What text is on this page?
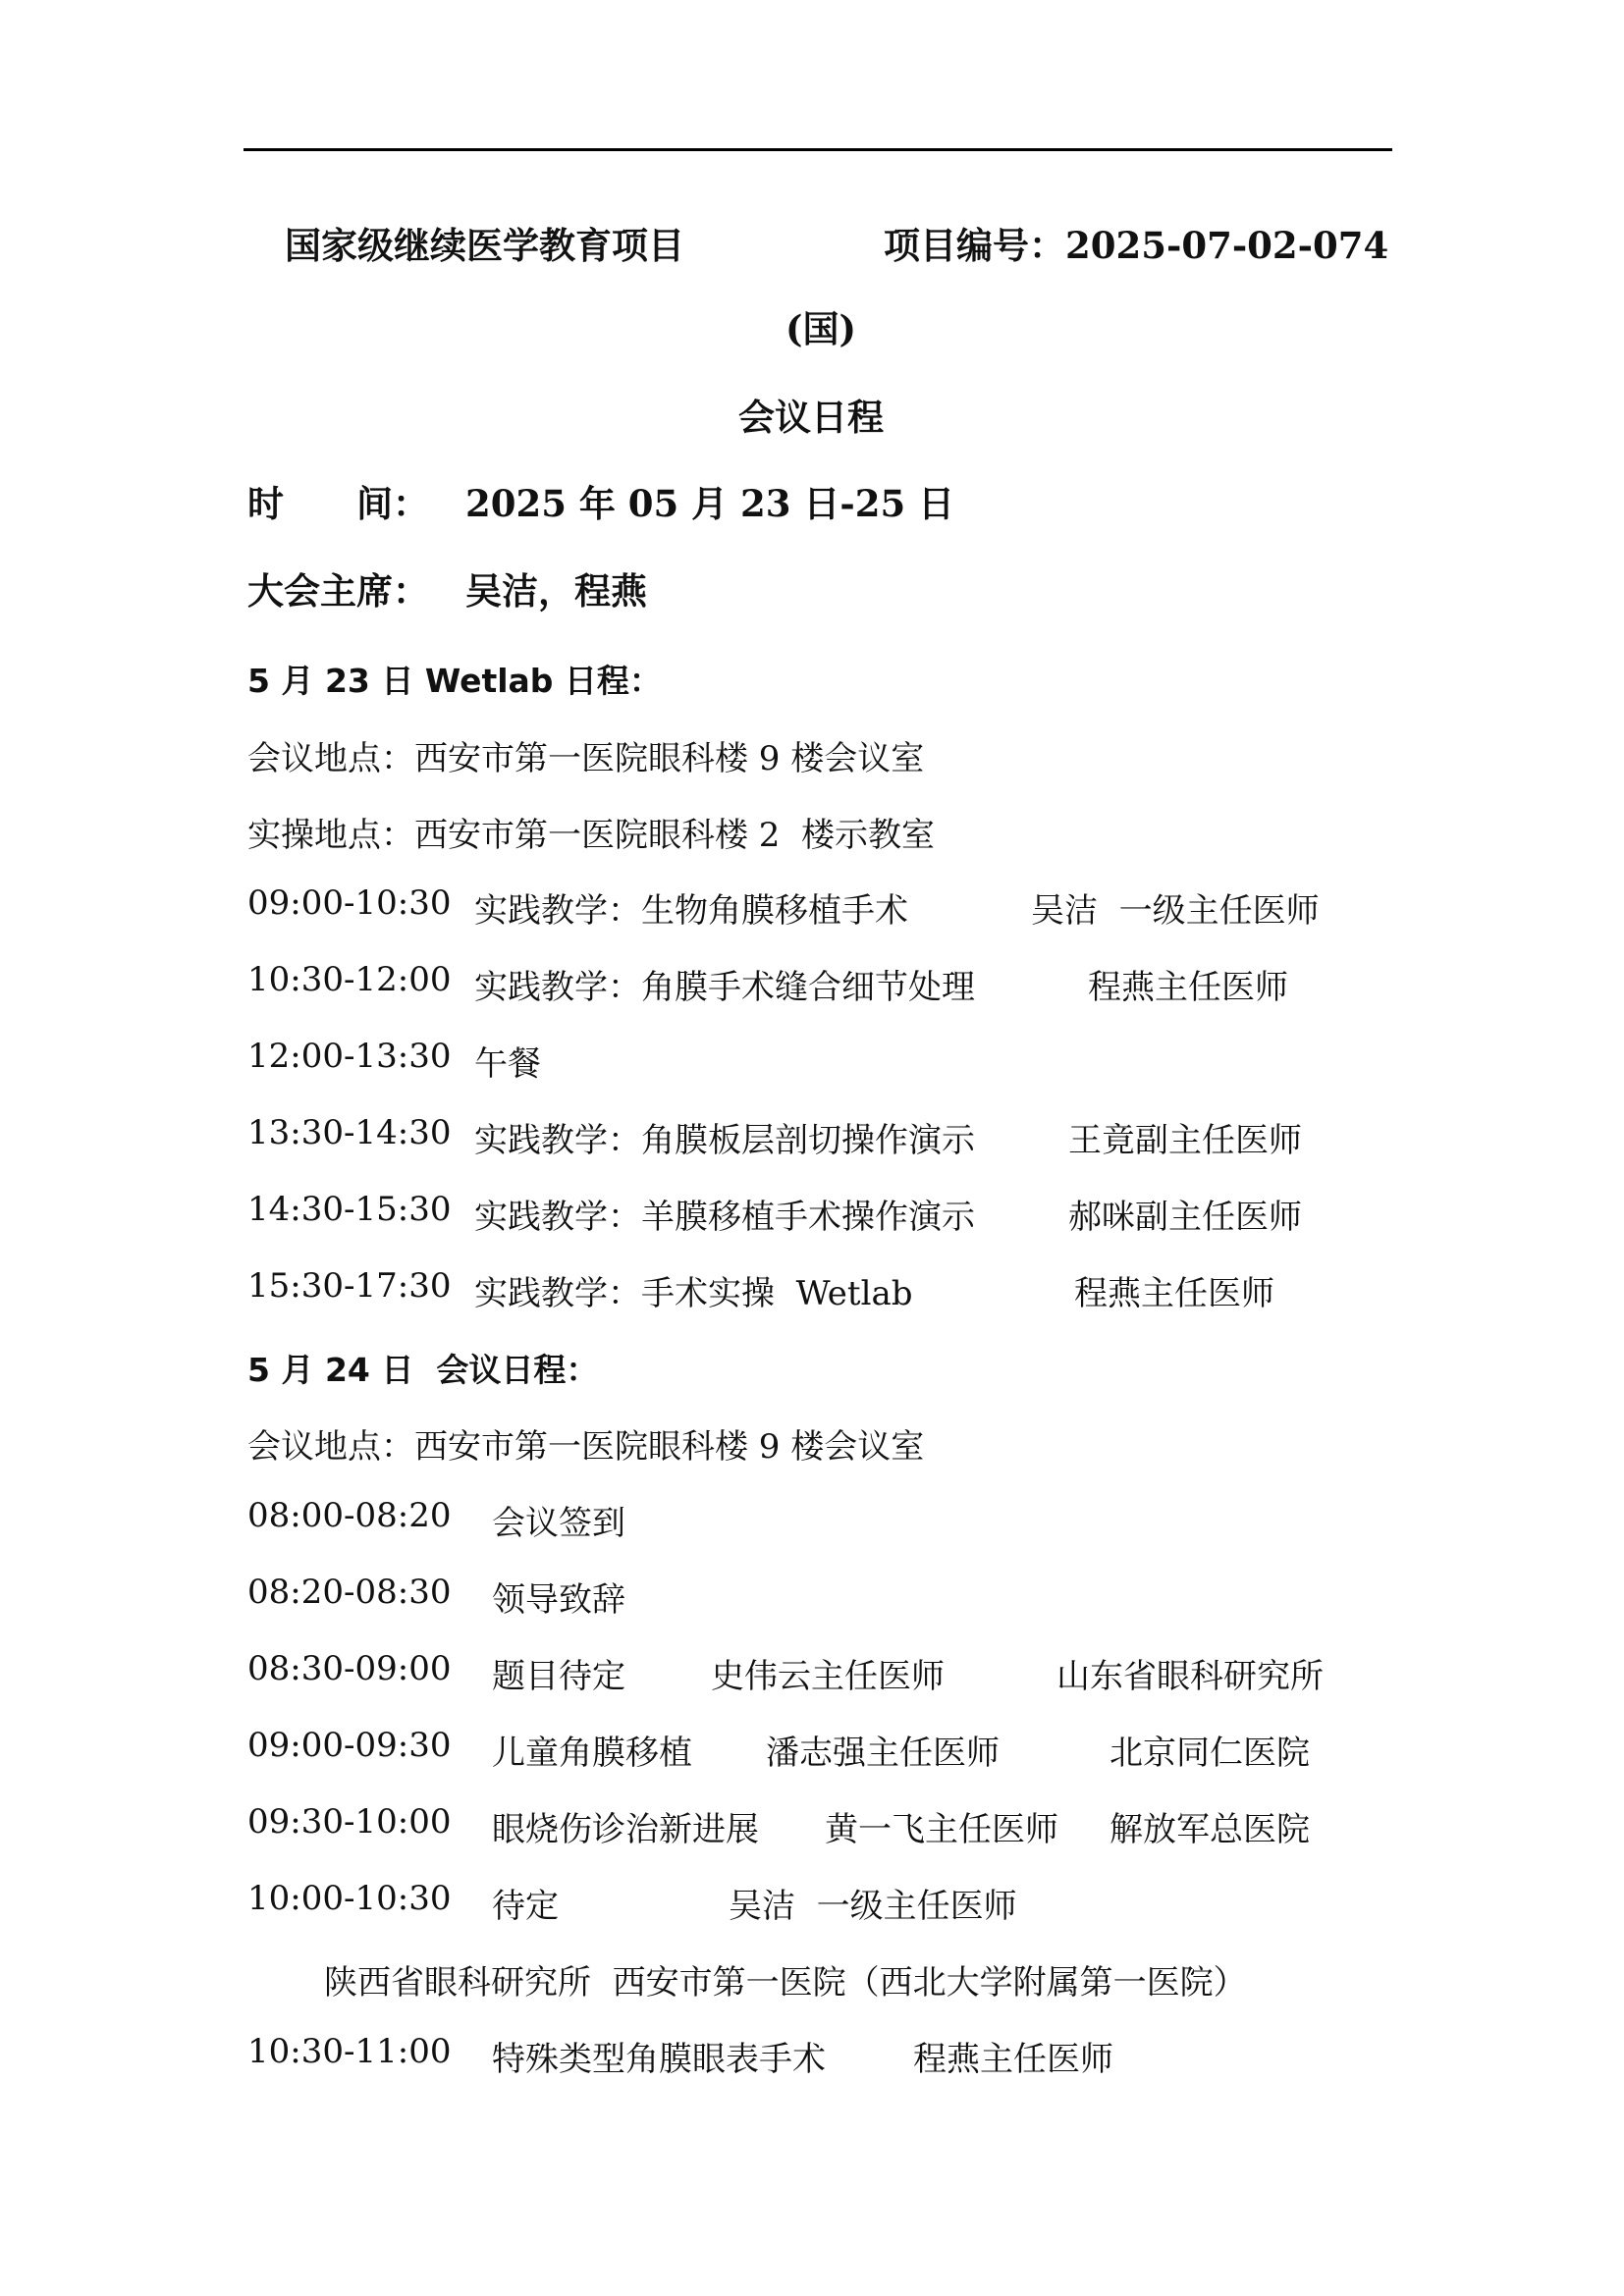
国家级继续医学教育项目	项目编号：2025-07-02-074
(国)
会议日程
时　　间： 2025 年 05 月 23 日-25 日
大会主席： 吴洁，程燕
5 月 23 日 Wetlab 日程：
会议地点：西安市第一医院眼科楼 9 楼会议室
实操地点：西安市第一医院眼科楼 2  楼示教室
09:00-10:30 实践教学：生物角膜移植手术	吴洁  一级主任医师
10:30-12:00 实践教学：角膜手术缝合细节处理	程燕主任医师
12:00-13:30 午餐
13:30-14:30 实践教学：角膜板层剖切操作演示	王竟副主任医师
14:30-15:30 实践教学：羊膜移植手术操作演示	郝咪副主任医师
15:30-17:30 实践教学：手术实操  Wetlab	程燕主任医师
5 月 24 日  会议日程：
会议地点：西安市第一医院眼科楼 9 楼会议室
08:00-08:20 会议签到
08:20-08:30 领导致辞
08:30-09:00 题目待定	史伟云主任医师	山东省眼科研究所
09:00-09:30 儿童角膜移植 潘志强主任医师	北京同仁医院
09:30-10:00 眼烧伤诊治新进展 黄一飞主任医师 解放军总医院
10:00-10:30 待定	吴洁  一级主任医师
陕西省眼科研究所  西安市第一医院（西北大学附属第一医院）
10:30-11:00 特殊类型角膜眼表手术	程燕主任医师
